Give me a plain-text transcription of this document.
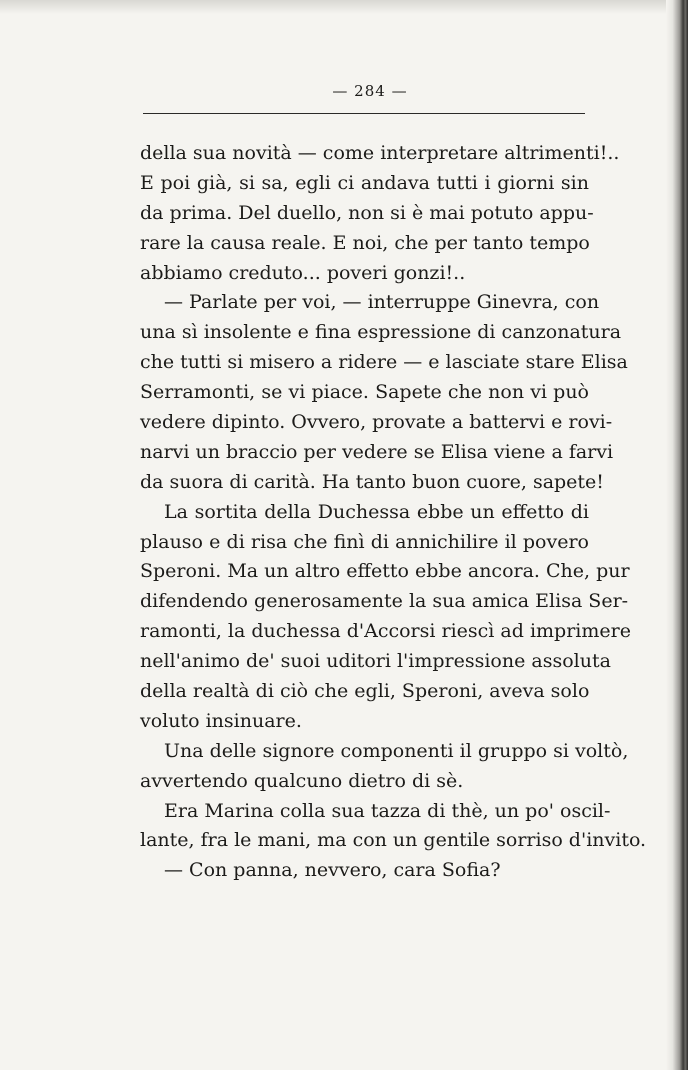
— 284 —
della sua novità — come interpretare altrimenti!..
E poi già, si sa, egli ci andava tutti i giorni sin
da prima. Del duello, non si è mai potuto appu-
rare la causa reale. E noi, che per tanto tempo
abbiamo creduto... poveri gonzi!..
— Parlate per voi, — interruppe Ginevra, con
una sì insolente e fina espressione di canzonatura
che tutti si misero a ridere — e lasciate stare Elisa
Serramonti, se vi piace. Sapete che non vi può
vedere dipinto. Ovvero, provate a battervi e rovi-
narvi un braccio per vedere se Elisa viene a farvi
da suora di carità. Ha tanto buon cuore, sapete!
La sortita della Duchessa ebbe un effetto di
plauso e di risa che finì di annichilire il povero
Speroni. Ma un altro effetto ebbe ancora. Che, pur
difendendo generosamente la sua amica Elisa Ser-
ramonti, la duchessa d'Accorsi riescì ad imprimere
nell'animo de' suoi uditori l'impressione assoluta
della realtà di ciò che egli, Speroni, aveva solo
voluto insinuare.
Una delle signore componenti il gruppo si voltò,
avvertendo qualcuno dietro di sè.
Era Marina colla sua tazza di thè, un po' oscil-
lante, fra le mani, ma con un gentile sorriso d'invito.
— Con panna, nevvero, cara Sofia?
